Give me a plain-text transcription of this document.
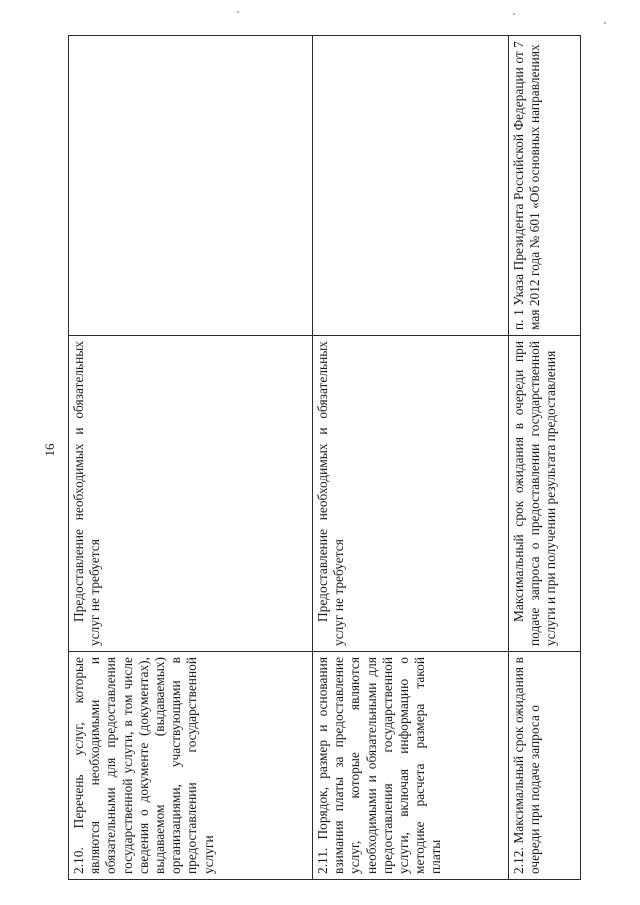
16
2.10. Перечень услуг, которые являются необходимыми и обязательными для предоставления государственной услуги, в том числе сведения о документе (документах), выдаваемом (выдаваемых) организациями, участвующими в предоставлении государственной услуги	Предоставление необходимых и обязательных услуг не требуется	
2.11. Порядок, размер и основания взимания платы за предоставление услуг, которые являются необходимыми и обязательными для предоставления государственной услуги, включая информацию о методике расчета размера такой платы	Предоставление необходимых и обязательных услуг не требуется	
2.12. Максимальный срок ожидания в очереди при подаче запроса о	Максимальный срок ожидания в очереди при подаче запроса о предоставлении государственной услуги и при получении результата предоставления	п. 1 Указа Президента Российской Федерации от 7 мая 2012 года № 601 «Об основных направлениях
